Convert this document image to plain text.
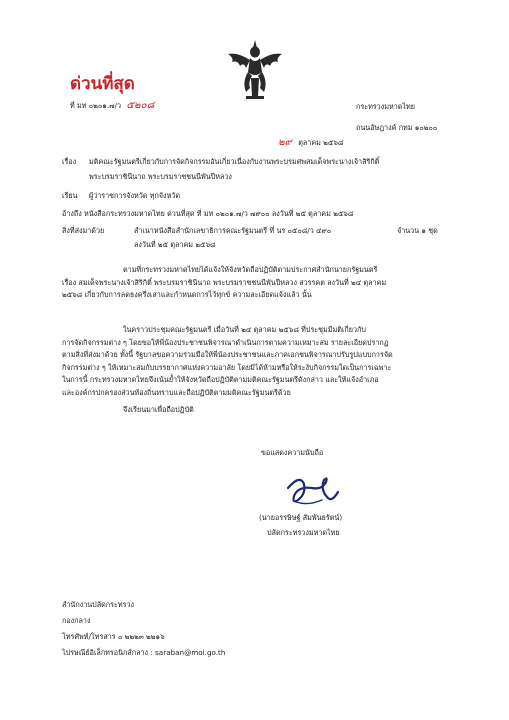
ด่วนที่สุด
ที่ มท ๐๒๐๑.๗/ว ๕๒๐๘	กระทรวงมหาดไทย
ถนนอัษฎางค์ กทม ๑๐๒๐๐
๒๙ ตุลาคม ๒๕๖๘
เรื่อง มติคณะรัฐมนตรีเกี่ยวกับการจัดกิจกรรมอันเกี่ยวเนื่องกับงานพระบรมศพสมเด็จพระนางเจ้าสิริกิติ์
พระบรมราชินีนาถ พระบรมราชชนนีพันปีหลวง
เรียน ผู้ว่าราชการจังหวัด ทุกจังหวัด
อ้างถึง หนังสือกระทรวงมหาดไทย ด่วนที่สุด ที่ มท ๐๒๐๑.๗/ว ๗๙๐๐ ลงวันที่ ๒๕ ตุลาคม ๒๕๖๘
สิ่งที่ส่งมาด้วย	สำเนาหนังสือสำนักเลขาธิการคณะรัฐมนตรี ที่ นร ๐๕๐๘/ว ๔๙๐	จำนวน ๑ ชุด
ลงวันที่ ๒๕ ตุลาคม ๒๕๖๘
ตามที่กระทรวงมหาดไทยได้แจ้งให้จังหวัดถือปฏิบัติตามประกาศสำนักนายกรัฐมนตรี
เรื่อง สมเด็จพระนางเจ้าสิริกิติ์ พระบรมราชินีนาถ พระบรมราชชนนีพันปีหลวง สวรรคต ลงวันที่ ๒๔ ตุลาคม
๒๕๖๘ เกี่ยวกับการลดธงครึ่งเสาและกำหนดการไว้ทุกข์ ความละเอียดแจ้งแล้ว นั้น
ในคราวประชุมคณะรัฐมนตรี เมื่อวันที่ ๒๔ ตุลาคม ๒๕๖๘ ที่ประชุมมีมติเกี่ยวกับ
การจัดกิจกรรมต่าง ๆ โดยขอให้พี่น้องประชาชนพิจารณาดำเนินการตามความเหมาะสม รายละเอียดปรากฏ
ตามสิ่งที่ส่งมาด้วย ทั้งนี้ รัฐบาลขอความร่วมมือให้พี่น้องประชาชนและภาคเอกชนพิจารณาปรับรูปแบบการจัด
กิจกรรมต่าง ๆ ให้เหมาะสมกับบรรยากาศแห่งความอาลัย โดยมิได้ห้ามหรือให้ระงับกิจกรรมใดเป็นการเฉพาะ
ในการนี้ กระทรวงมหาดไทยจึงเน้นย้ำให้จังหวัดถือปฏิบัติตามมติคณะรัฐมนตรีดังกล่าว และให้แจ้งอำเภอ
และองค์กรปกครองส่วนท้องถิ่นทราบและถือปฏิบัติตามมติคณะรัฐมนตรีด้วย
จึงเรียนมาเพื่อถือปฏิบัติ
ขอแสดงความนับถือ
(นายอรรษิษฐ์ สัมพันธรัตน์)
ปลัดกระทรวงมหาดไทย
สำนักงานปลัดกระทรวง
กองกลาง
โทรศัพท์/โทรสาร ๐ ๒๒๒๓ ๒๒๑๖
ไปรษณีย์อิเล็กทรอนิกส์กลาง : saraban@moi.go.th
